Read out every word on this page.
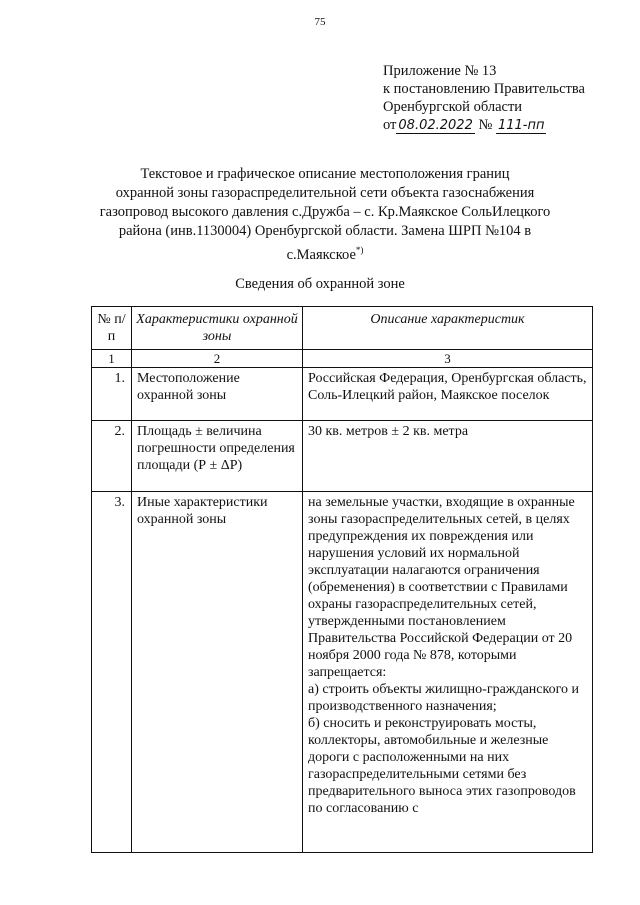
75
Приложение № 13
к постановлению Правительства
Оренбургской области
от 08.02.2022 № 111-пп
Текстовое и графическое описание местоположения границ
охранной зоны газораспределительной сети объекта газоснабжения
газопровод высокого давления с.Дружба – с. Кр.Маякское СольИлецкого
района (инв.1130004) Оренбургской области. Замена ШРП №104 в
с.Маякское*)
Сведения об охранной зоне
№ п/п	Характеристики охранной зоны	Описание характеристик
1	2	3
1.	Местоположение охранной зоны	Российская Федерация, Оренбургская область, Соль-Илецкий район, Маякское поселок
2.	Площадь ± величина погрешности определения площади (Р ± ΔР)	30 кв. метров ± 2 кв. метра
3.	Иные характеристики охранной зоны	на земельные участки, входящие в охранные зоны газораспределительных сетей, в целях предупреждения их повреждения или нарушения условий их нормальной эксплуатации налагаются ограничения (обременения) в соответствии с Правилами охраны газораспределительных сетей, утвержденными постановлением Правительства Российской Федерации от 20 ноября 2000 года № 878, которыми запрещается:
а) строить объекты жилищно-гражданского и производственного назначения;
б) сносить и реконструировать мосты, коллекторы, автомобильные и железные дороги с расположенными на них газораспределительными сетями без предварительного выноса этих газопроводов по согласованию с
